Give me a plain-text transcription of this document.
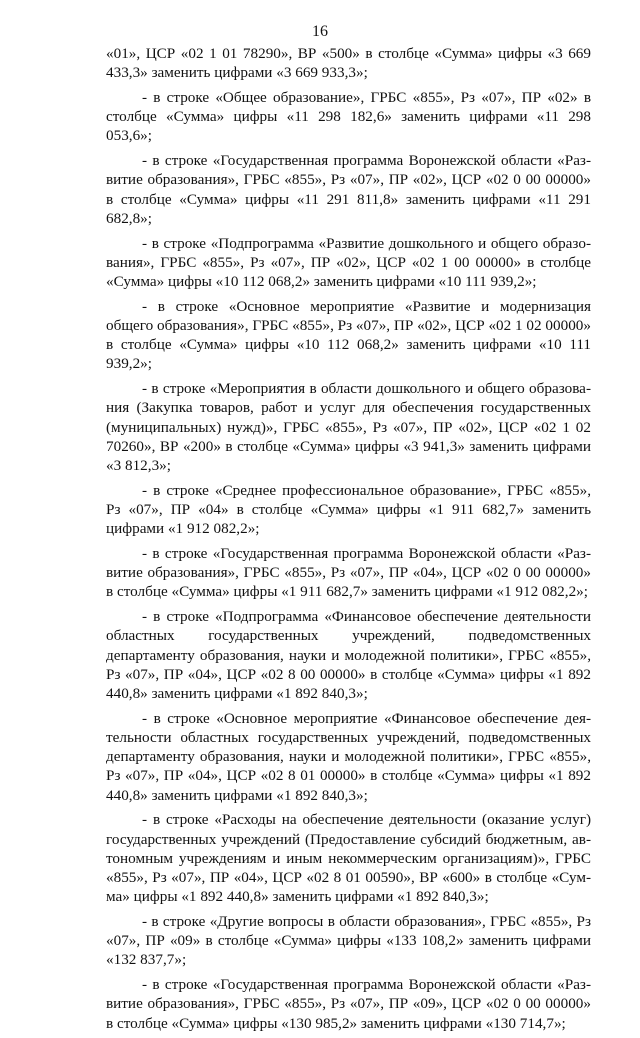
16

«01», ЦСР «02 1 01 78290», ВР «500» в столбце «Сумма» цифры «3 669 433,3» заменить цифрами «3 669 933,3»;

- в строке «Общее образование», ГРБС «855», Рз «07», ПР «02» в столбце «Сумма» цифры «11 298 182,6» заменить цифрами «11 298 053,6»;

- в строке «Государственная программа Воронежской области «Развитие образования», ГРБС «855», Рз «07», ПР «02», ЦСР «02 0 00 00000» в столбце «Сумма» цифры «11 291 811,8» заменить цифрами «11 291 682,8»;

- в строке «Подпрограмма «Развитие дошкольного и общего образования», ГРБС «855», Рз «07», ПР «02», ЦСР «02 1 00 00000» в столбце «Сумма» цифры «10 112 068,2» заменить цифрами «10 111 939,2»;

- в строке «Основное мероприятие «Развитие и модернизация общего образования», ГРБС «855», Рз «07», ПР «02», ЦСР «02 1 02 00000» в столбце «Сумма» цифры «10 112 068,2» заменить цифрами «10 111 939,2»;

- в строке «Мероприятия в области дошкольного и общего образования (Закупка товаров, работ и услуг для обеспечения государственных (муниципальных) нужд)», ГРБС «855», Рз «07», ПР «02», ЦСР «02 1 02 70260», ВР «200» в столбце «Сумма» цифры «3 941,3» заменить цифрами «3 812,3»;

- в строке «Среднее профессиональное образование», ГРБС «855», Рз «07», ПР «04» в столбце «Сумма» цифры «1 911 682,7» заменить цифрами «1 912 082,2»;

- в строке «Государственная программа Воронежской области «Развитие образования», ГРБС «855», Рз «07», ПР «04», ЦСР «02 0 00 00000» в столбце «Сумма» цифры «1 911 682,7» заменить цифрами «1 912 082,2»;

- в строке «Подпрограмма «Финансовое обеспечение деятельности областных государственных учреждений, подведомственных департаменту образования, науки и молодежной политики», ГРБС «855», Рз «07», ПР «04», ЦСР «02 8 00 00000» в столбце «Сумма» цифры «1 892 440,8» заменить цифрами «1 892 840,3»;

- в строке «Основное мероприятие «Финансовое обеспечение деятельности областных государственных учреждений, подведомственных департаменту образования, науки и молодежной политики», ГРБС «855», Рз «07», ПР «04», ЦСР «02 8 01 00000» в столбце «Сумма» цифры «1 892 440,8» заменить цифрами «1 892 840,3»;

- в строке «Расходы на обеспечение деятельности (оказание услуг) государственных учреждений (Предоставление субсидий бюджетным, автономным учреждениям и иным некоммерческим организациям)», ГРБС «855», Рз «07», ПР «04», ЦСР «02 8 01 00590», ВР «600» в столбце «Сумма» цифры «1 892 440,8» заменить цифрами «1 892 840,3»;

- в строке «Другие вопросы в области образования», ГРБС «855», Рз «07», ПР «09» в столбце «Сумма» цифры «133 108,2» заменить цифрами «132 837,7»;

- в строке «Государственная программа Воронежской области «Развитие образования», ГРБС «855», Рз «07», ПР «09», ЦСР «02 0 00 00000» в столбце «Сумма» цифры «130 985,2» заменить цифрами «130 714,7»;
